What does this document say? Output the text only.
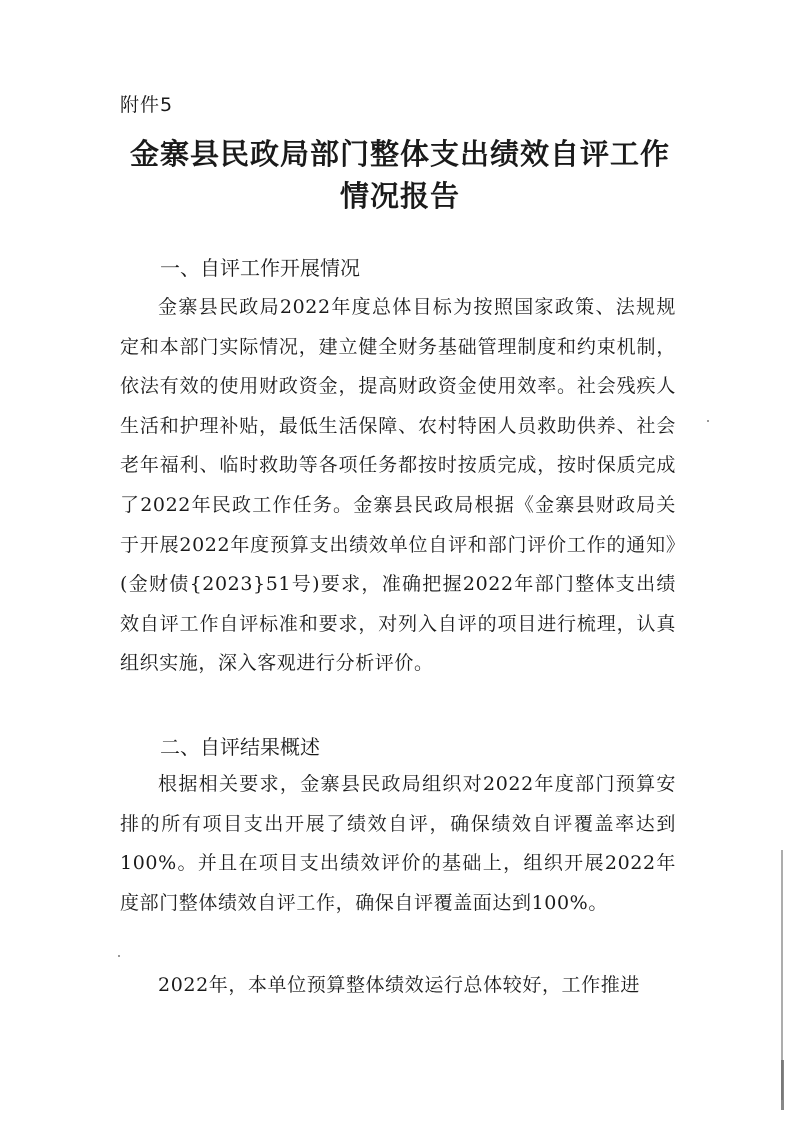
附件5
金寨县民政局部门整体支出绩效自评工作
情况报告
一、自评工作开展情况
金寨县民政局2022年度总体目标为按照国家政策、法规规定和本部门实际情况，建立健全财务基础管理制度和约束机制，依法有效的使用财政资金，提高财政资金使用效率。社会残疾人生活和护理补贴，最低生活保障、农村特困人员救助供养、社会老年福利、临时救助等各项任务都按时按质完成，按时保质完成了2022年民政工作任务。金寨县民政局根据《金寨县财政局关于开展2022年度预算支出绩效单位自评和部门评价工作的通知》(金财债{2023}51号)要求，准确把握2022年部门整体支出绩效自评工作自评标准和要求，对列入自评的项目进行梳理，认真组织实施，深入客观进行分析评价。
二、自评结果概述
根据相关要求，金寨县民政局组织对2022年度部门预算安排的所有项目支出开展了绩效自评，确保绩效自评覆盖率达到100%。并且在项目支出绩效评价的基础上，组织开展2022年度部门整体绩效自评工作，确保自评覆盖面达到100%。
2022年，本单位预算整体绩效运行总体较好，工作推进
